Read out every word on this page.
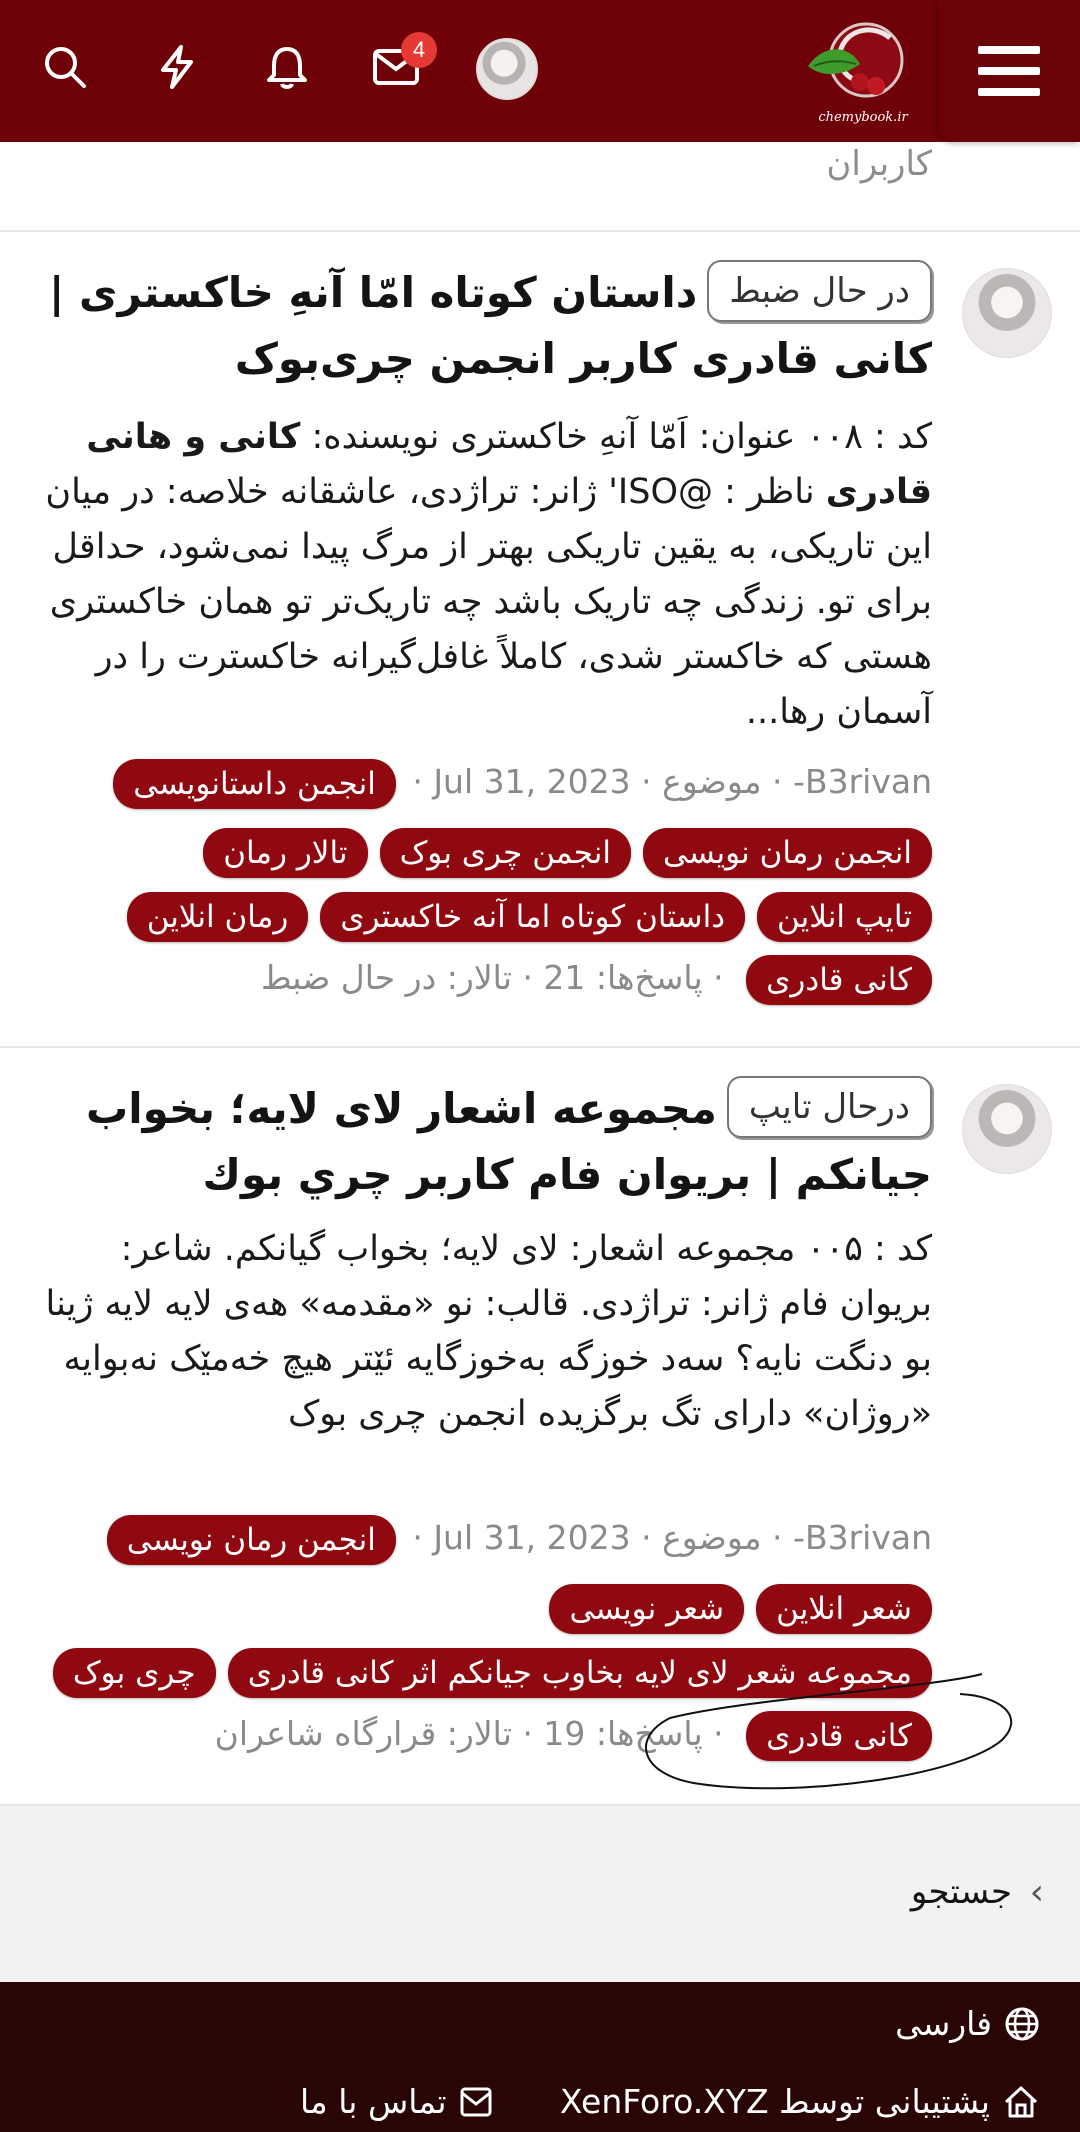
chemybook.ir
4
کاربران
در حال ضبطداستان کوتاه امّا آنهِ خاکستری | کانی قادری کاربر انجمن چری‌بوک
کد : ۰۰۸ عنوان: اَمّا آنهِ خاکستری نویسنده: کانی و هانی قادری ناظر : @ISO' ژانر: تراژدی، عاشقانه خلاصه: در میان این تاریکی، به یقین تاریکی بهتر از مرگ پیدا نمی‌شود، حداقل برای تو. زندگی چه تاریک باشد چه تاریک‌تر تو همان خاکستری هستی که خاکستر شدی، کاملاً غافل‌گیرانه خاکسترت را در آسمان رها...
B3rivan- · موضوع · Jul 31, 2023 · انجمن داستانویسی
انجمن رمان نویسیانجمن چری بوکتالار رمان
تایپ انلاینداستان کوتاه اما آنه خاکستریرمان انلاین
کانی قادری · پاسخ‌ها: 21 · تالار: در حال ضبط
درحال تایپمجموعه اشعار لای لایه؛ بخواب جیانکم | بریوان فام کاربر چري بوك
کد : ۰۰۵ مجموعه اشعار: لای لایه؛ بخواب گیانکم. شاعر: بریوان فام ژانر: تراژدی. قالب: نو «مقدمه» هەی لایه لایه ژینا بو دنگت نایه؟ سەد خوزگه بەخوزگایه ئێتر هیچ خەمێک نەبوایه «روژان» دارای تگ برگزیده انجمن چری بوک
B3rivan- · موضوع · Jul 31, 2023 · انجمن رمان نویسی
شعر انلاینشعر نویسی
مجموعه شعر لای لایه بخاوب جیانکم اثر کانی قادریچری بوک
کانی قادری · پاسخ‌ها: 19 · تالار: قرارگاه شاعران
‹
جستجو
فارسی
پشتیبانی توسط XenForo.XYZ
تماس با ما
